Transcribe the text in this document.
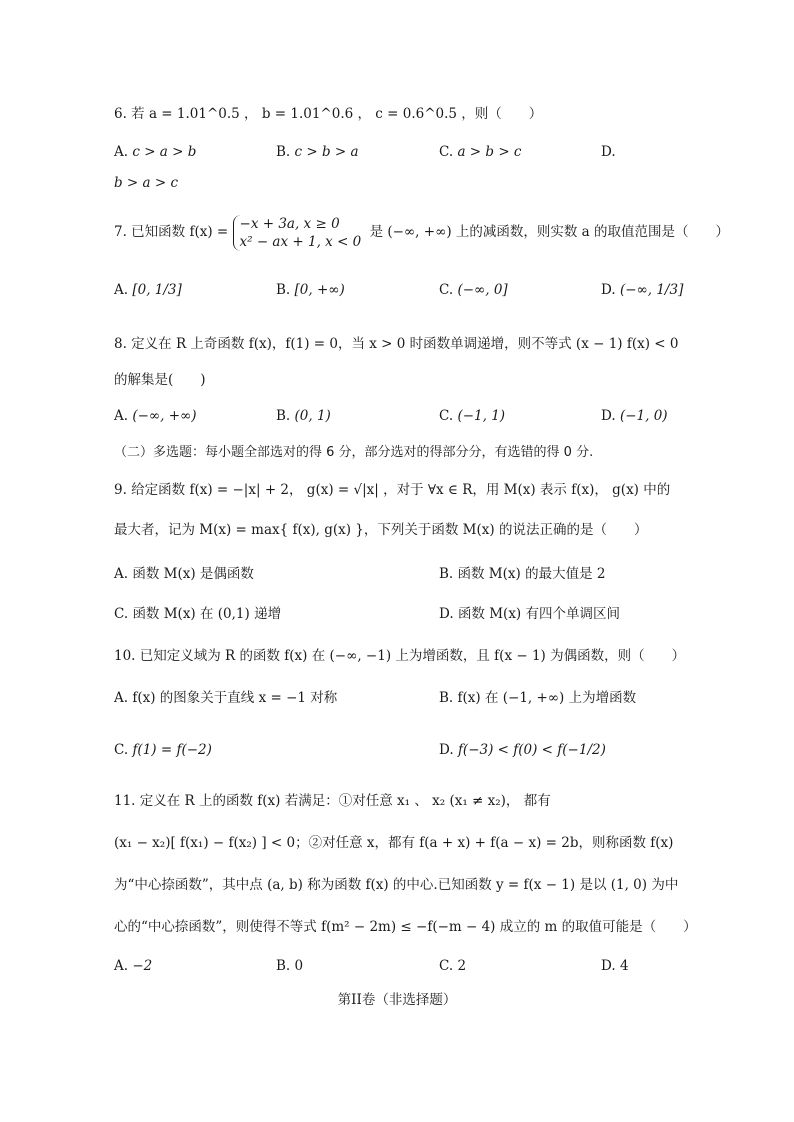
6. 若 a = 1.01^0.5 ， b = 1.01^0.6 ， c = 0.6^0.5 ，则（　　）
A. c > a > b	B. c > b > a	C. a > b > c	D.
b > a > c
7. 已知函数 f(x) =
−x + 3a, x ≥ 0
x² − ax + 1, x < 0
是 (−∞, +∞) 上的减函数，则实数 a 的取值范围是（　　）
A. [0, 1/3]	B. [0, +∞)	C. (−∞, 0]	D. (−∞, 1/3]
8. 定义在 R 上奇函数 f(x)，f(1) = 0，当 x > 0 时函数单调递增，则不等式 (x − 1) f(x) < 0
的解集是(　　)
A. (−∞, +∞)	B. (0, 1)	C. (−1, 1)	D. (−1, 0)
（二）多选题：每小题全部选对的得 6 分，部分选对的得部分分，有选错的得 0 分.
9. 给定函数 f(x) = −|x| + 2， g(x) = √|x| ，对于 ∀x ∈ R，用 M(x) 表示 f(x)， g(x) 中的
最大者，记为 M(x) = max{ f(x), g(x) }，下列关于函数 M(x) 的说法正确的是（　　）
A. 函数 M(x) 是偶函数	B. 函数 M(x) 的最大值是 2
C. 函数 M(x) 在 (0,1) 递增	D. 函数 M(x) 有四个单调区间
10. 已知定义域为 R 的函数 f(x) 在 (−∞, −1) 上为增函数，且 f(x − 1) 为偶函数，则（　　）
A. f(x) 的图象关于直线 x = −1 对称	B. f(x) 在 (−1, +∞) 上为增函数
C. f(1) = f(−2)	D. f(−3) < f(0) < f(−1/2)
11. 定义在 R 上的函数 f(x) 若满足：①对任意 x₁ 、 x₂ (x₁ ≠ x₂)， 都有
(x₁ − x₂)[ f(x₁) − f(x₂) ] < 0；②对任意 x，都有 f(a + x) + f(a − x) = 2b，则称函数 f(x)
为“中心捺函数”，其中点 (a, b) 称为函数 f(x) 的中心.已知函数 y = f(x − 1) 是以 (1, 0) 为中
心的“中心捺函数”，则使得不等式 f(m² − 2m) ≤ −f(−m − 4) 成立的 m 的取值可能是（　　）
A. −2	B. 0	C. 2	D. 4
第II卷（非选择题）
